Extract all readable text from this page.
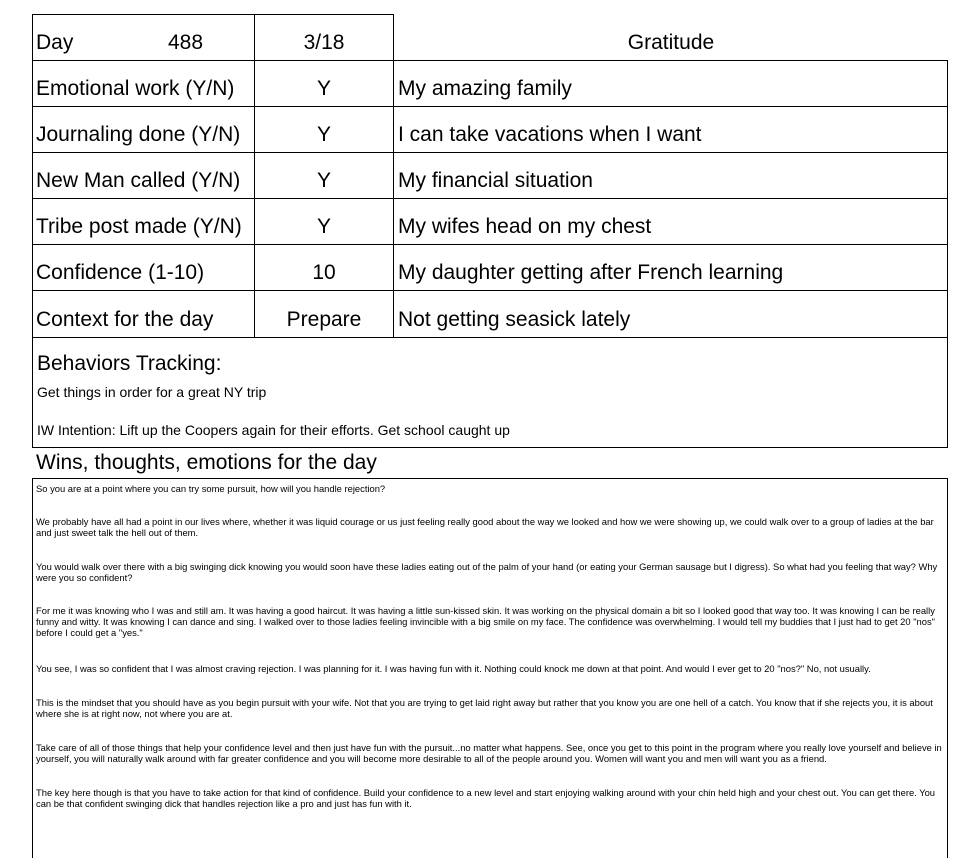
Day	488	3/18	Gratitude
Emotional work (Y/N)	Y	My amazing family
Journaling done (Y/N)	Y	I can take vacations when I want
New Man called (Y/N)	Y	My financial situation
Tribe post made (Y/N)	Y	My wifes head on my chest
Confidence (1-10)	10	My daughter getting after French learning
Context for the day	Prepare	Not getting seasick lately
Behaviors Tracking:
Get things in order for a great NY trip
IW Intention: Lift up the Coopers again for their efforts. Get school caught up
Wins, thoughts, emotions for the day
So you are at a point where you can try some pursuit, how will you handle rejection?
We probably have all had a point in our lives where, whether it was liquid courage or us just feeling really good about the way we looked and how we were showing up, we could walk over to a group of ladies at the bar and just sweet talk the hell out of them.
You would walk over there with a big swinging dick knowing you would soon have these ladies eating out of the palm of your hand (or eating your German sausage but I digress). So what had you feeling that way? Why were you so confident?
For me it was knowing who I was and still am. It was having a good haircut. It was having a little sun-kissed skin. It was working on the physical domain a bit so I looked good that way too. It was knowing I can be really funny and witty. It was knowing I can dance and sing. I walked over to those ladies feeling invincible with a big smile on my face. The confidence was overwhelming. I would tell my buddies that I just had to get 20 "nos" before I could get a "yes."
You see, I was so confident that I was almost craving rejection. I was planning for it. I was having fun with it. Nothing could knock me down at that point. And would I ever get to 20 "nos?" No, not usually.
This is the mindset that you should have as you begin pursuit with your wife. Not that you are trying to get laid right away but rather that you know you are one hell of a catch. You know that if she rejects you, it is about where she is at right now, not where you are at.
Take care of all of those things that help your confidence level and then just have fun with the pursuit...no matter what happens. See, once you get to this point in the program where you really love yourself and believe in yourself, you will naturally walk around with far greater confidence and you will become more desirable to all of the people around you. Women will want you and men will want you as a friend.
The key here though is that you have to take action for that kind of confidence. Build your confidence to a new level and start enjoying walking around with your chin held high and your chest out. You can get there. You can be that confident swinging dick that handles rejection like a pro and just has fun with it.
